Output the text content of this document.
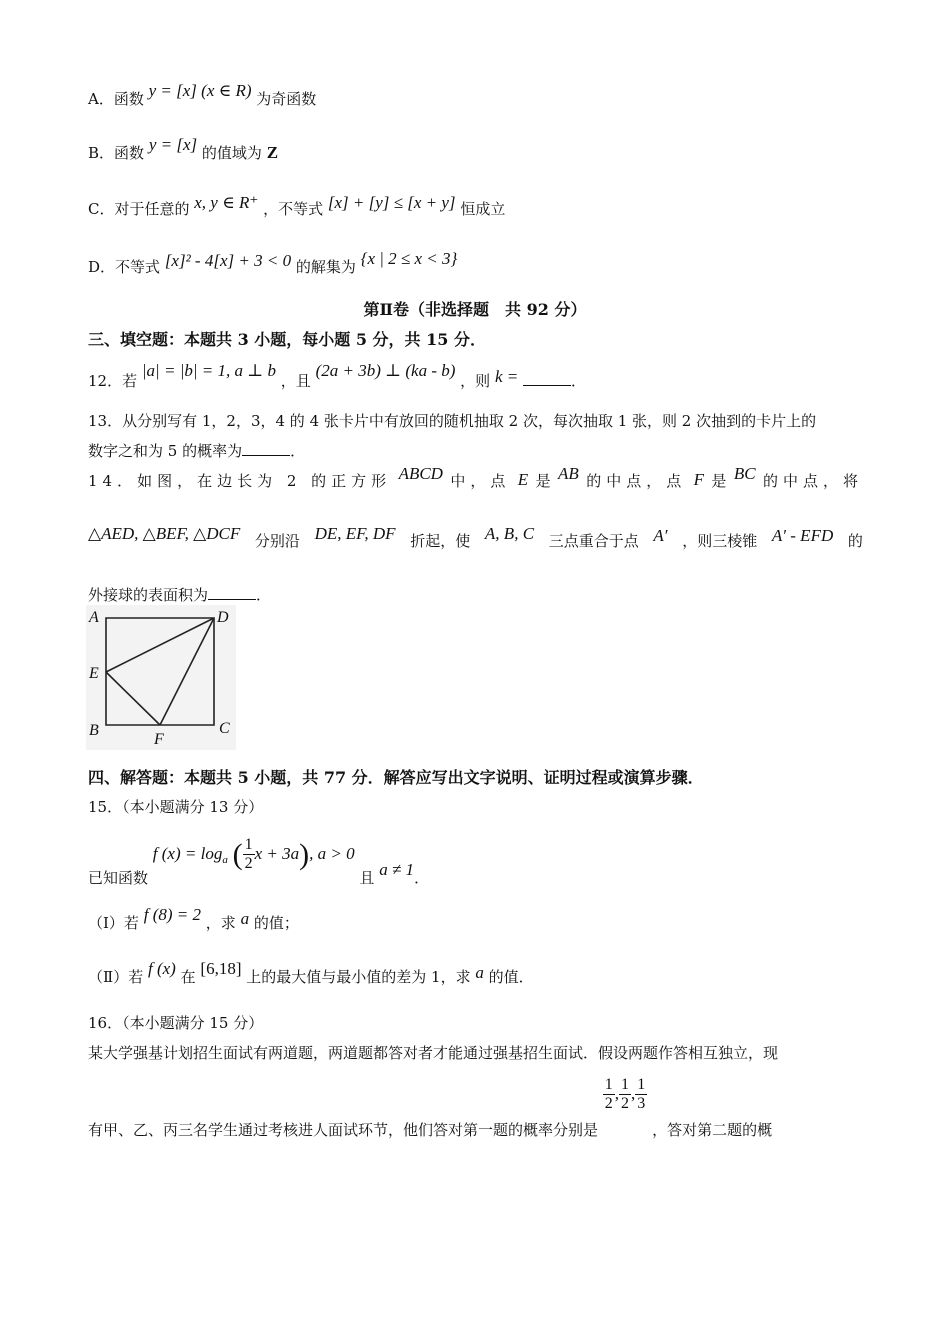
A．函数 y = [x] (x ∈ R) 为奇函数
B．函数 y = [x] 的值域为 Z
C．对于任意的 x, y ∈ R⁺ ，不等式 [x] + [y] ≤ [x + y] 恒成立
D．不等式 [x]² - 4[x] + 3 < 0 的解集为 {x | 2 ≤ x < 3}
第Ⅱ卷（非选择题　共 92 分）
三、填空题：本题共 3 小题，每小题 5 分，共 15 分．
12．若 |a| = |b| = 1, a ⊥ b ，且 (2a + 3b) ⊥ (ka - b) ，则 k =	．
13．从分别写有 1，2，3，4 的 4 张卡片中有放回的随机抽取 2 次，每次抽取 1 张，则 2 次抽到的卡片上的
数字之和为 5 的概率为	．
14．如图，在边长为 2 的正方形 ABCD 中，点 E 是 AB 的中点，点 F 是 BC 的中点，将
△AED, △BEF, △DCF 分别沿 DE, EF, DF 折起，使 A, B, C 三点重合于点 A′ ，则三棱锥 A′ - EFD 的
外接球的表面积为	．
A	D
E
B
F
C
四、解答题：本题共 5 小题，共 77 分．解答应写出文字说明、证明过程或演算步骤．
15．（本小题满分 13 分）
已知函数 f $(x) = \log_a$ ( $\frac{1}{2}$ x + 3a), a > 0 且 a ≠ 1．
（Ⅰ）若 f (8) = 2 ，求 a 的值；
（Ⅱ）若 f (x) 在 [6,18] 上的最大值与最小值的差为 1，求 a 的值．
16．（本小题满分 15 分）
某大学强基计划招生面试有两道题，两道题都答对者才能通过强基招生面试．假设两题作答相互独立，现
有甲、乙、丙三名学生通过考核进人面试环节，他们答对第一题的概率分别是
$\frac{1}{2}$ , $\frac{1}{2}$ , $\frac{1}{3}$
，答对第二题的概
